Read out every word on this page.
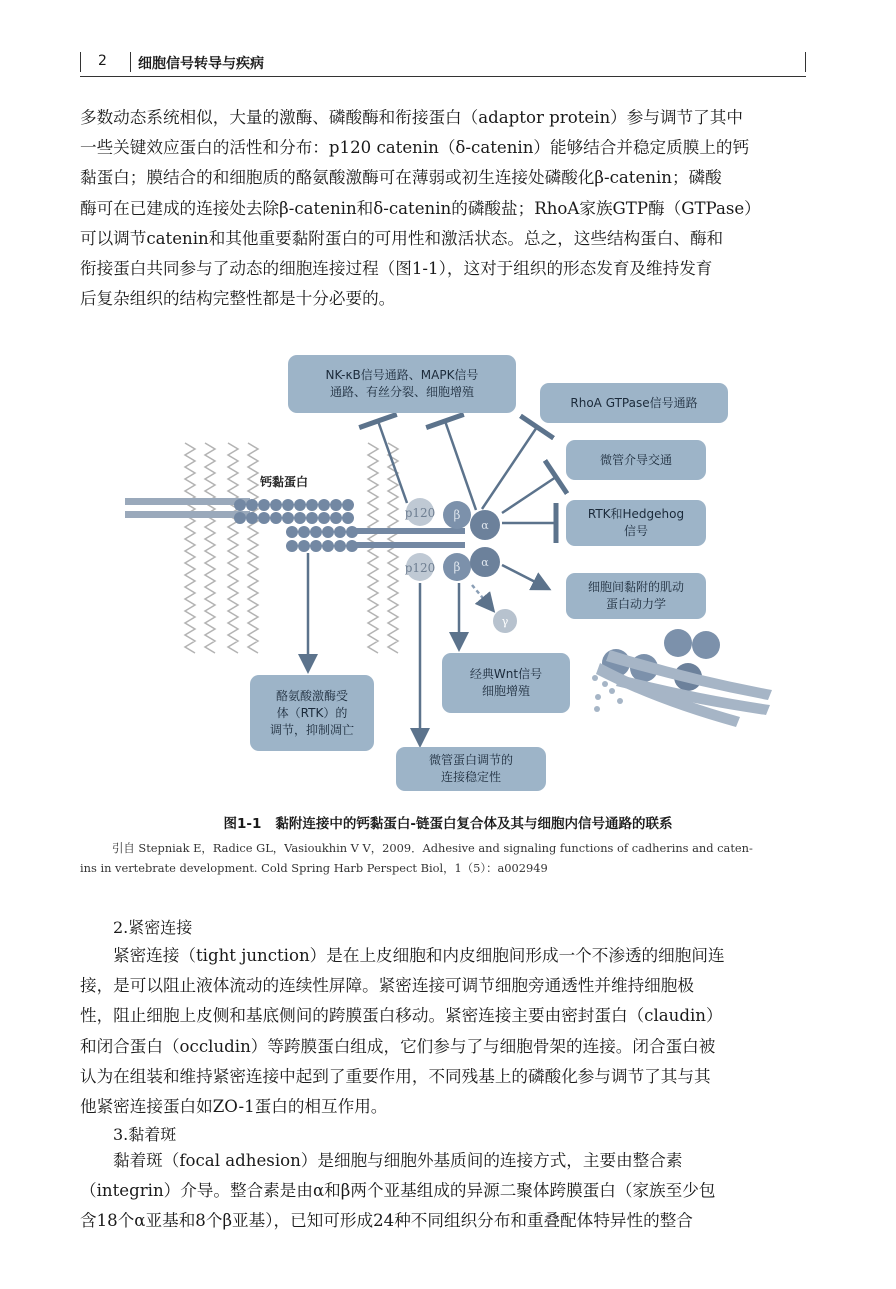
2 细胞信号转导与疾病
多数动态系统相似，大量的激酶、磷酸酶和衔接蛋白（adaptor protein）参与调节了其中
一些关键效应蛋白的活性和分布：p120 catenin（δ-catenin）能够结合并稳定质膜上的钙
黏蛋白；膜结合的和细胞质的酪氨酸激酶可在薄弱或初生连接处磷酸化β-catenin；磷酸
酶可在已建成的连接处去除β-catenin和δ-catenin的磷酸盐；RhoA家族GTP酶（GTPase）
可以调节catenin和其他重要黏附蛋白的可用性和激活状态。总之，这些结构蛋白、酶和
衔接蛋白共同参与了动态的细胞连接过程（图1-1），这对于组织的形态发育及维持发育
后复杂组织的结构完整性都是十分必要的。
p120 β
α
p120 β α
γ
钙黏蛋白
NK-κB信号通路、MAPK信号
通路、有丝分裂、细胞增殖
RhoA GTPase信号通路
微管介导交通
RTK和Hedgehog
信号
细胞间黏附的肌动
蛋白动力学
经典Wnt信号
细胞增殖
酪氨酸激酶受
体（RTK）的
调节，抑制凋亡
微管蛋白调节的
连接稳定性
图1-1 黏附连接中的钙黏蛋白-链蛋白复合体及其与细胞内信号通路的联系
引自 Stepniak E，Radice GL，Vasioukhin V V，2009．Adhesive and signaling functions of cadherins and caten-
ins in vertebrate development. Cold Spring Harb Perspect Biol，1（5）：a002949
2.紧密连接
紧密连接（tight junction）是在上皮细胞和内皮细胞间形成一个不渗透的细胞间连
接，是可以阻止液体流动的连续性屏障。紧密连接可调节细胞旁通透性并维持细胞极
性，阻止细胞上皮侧和基底侧间的跨膜蛋白移动。紧密连接主要由密封蛋白（claudin）
和闭合蛋白（occludin）等跨膜蛋白组成，它们参与了与细胞骨架的连接。闭合蛋白被
认为在组装和维持紧密连接中起到了重要作用，不同残基上的磷酸化参与调节了其与其
他紧密连接蛋白如ZO-1蛋白的相互作用。
3.黏着斑
黏着斑（focal adhesion）是细胞与细胞外基质间的连接方式，主要由整合素
（integrin）介导。整合素是由α和β两个亚基组成的异源二聚体跨膜蛋白（家族至少包
含18个α亚基和8个β亚基），已知可形成24种不同组织分布和重叠配体特异性的整合
